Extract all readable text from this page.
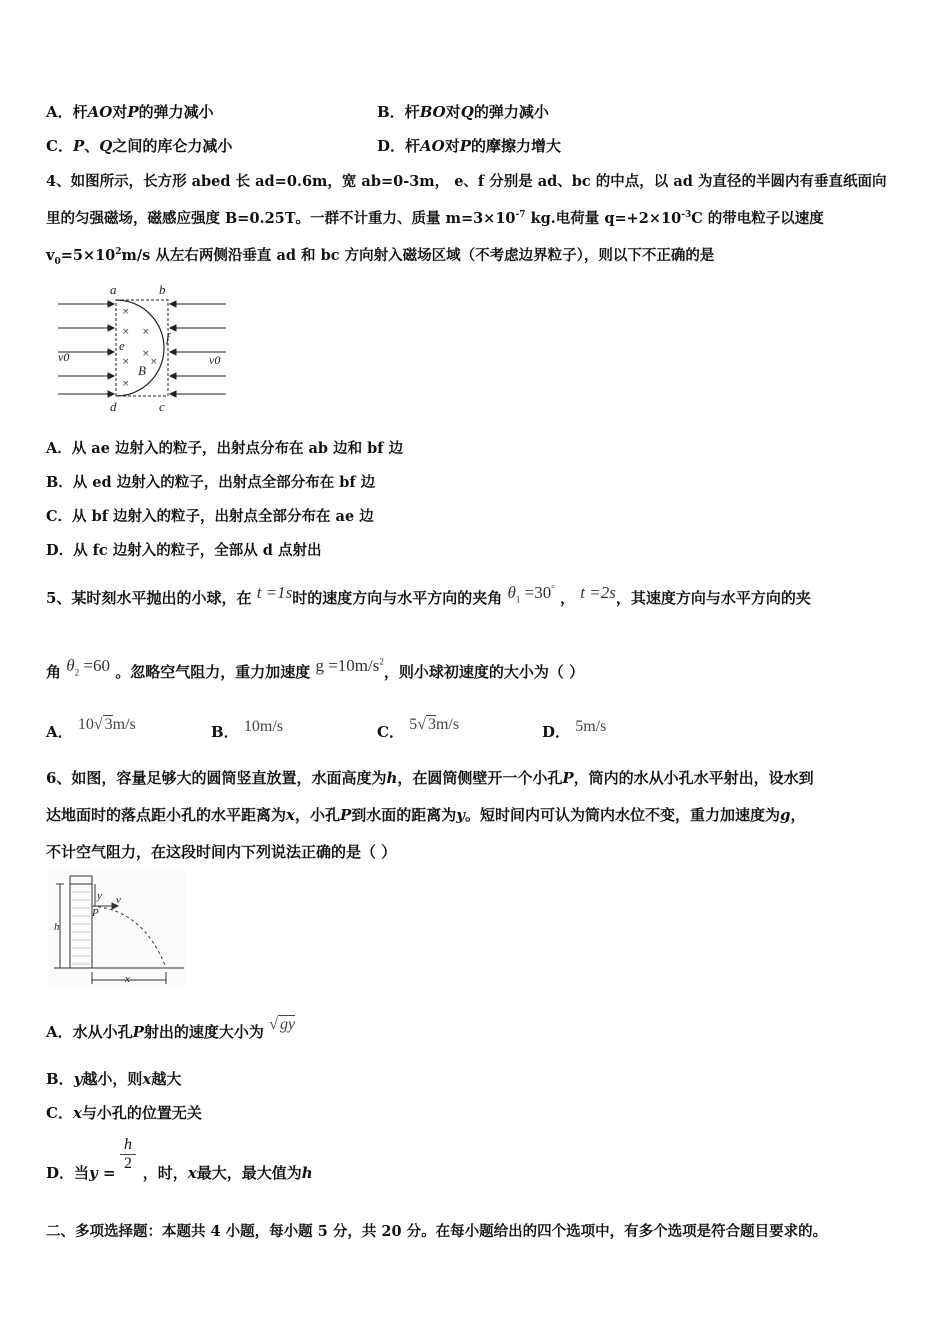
A．杆AO对P的弹力减小	B．杆BO对Q的弹力减小
C．P、Q之间的库仑力减小	D．杆AO对P的摩擦力增大
4、如图所示，长方形 abed 长 ad=0.6m，宽 ab=0-3m， e、f 分别是 ad、bc 的中点，以 ad 为直径的半圆内有垂直纸面向
里的匀强磁场，磁感应强度 B=0.25T。一群不计重力、质量 $m=3\times 10^{-7}$ kg.电荷量 $q=+2\times 10^{-3}C$ 的带电粒子以速度
$v_0=5\times 10^2m/s$ 从左右两侧沿垂直 ad 和 bc 方向射入磁场区域（不考虑边界粒子），则以下不正确的是
a	b
d	c
e
f
B
v0	v0
×
× ×
×
× ×
×
A．从 ae 边射入的粒子，出射点分布在 ab 边和 bf 边
B．从 ed 边射入的粒子，出射点全部分布在 bf 边
C．从 bf 边射入的粒子，出射点全部分布在 ae 边
D．从 fc 边射入的粒子，全部从 d 点射出
5、某时刻水平抛出的小球，在 t =1s时的速度方向与水平方向的夹角 $\theta_1 =30^\circ$ ， t =2s，其速度方向与水平方向的夹
角 $\theta_2 =60$ 。忽略空气阻力，重力加速度 $g =10m/s^2$，则小球初速度的大小为（ ）
A． 10√ 3m/s	B． 10m/s	C． 5√ 3m/s	D． 5m/s
6、如图，容量足够大的圆筒竖直放置，水面高度为h，在圆筒侧壁开一个小孔P，筒内的水从小孔水平射出，设水到
达地面时的落点距小孔的水平距离为x，小孔P到水面的距离为y。短时间内可认为筒内水位不变，重力加速度为g，
不计空气阻力，在这段时间内下列说法正确的是（ ）
y v
P
h
x
A．水从小孔P射出的速度大小为 √ gy
B．y越小，则x越大
C．x与小孔的位置无关
D．当y = ，时，x最大，最大值为h
$\frac{h}{2}$
二、多项选择题：本题共 4 小题，每小题 5 分，共 20 分。在每小题给出的四个选项中，有多个选项是符合题目要求的。
